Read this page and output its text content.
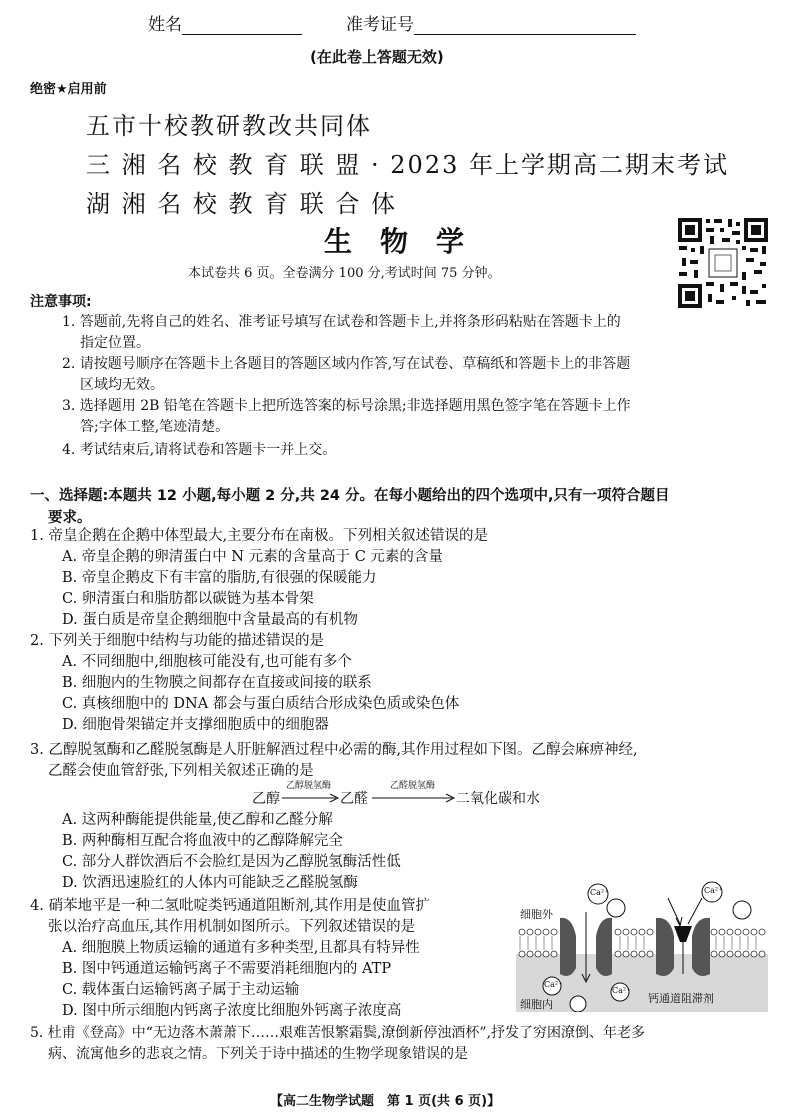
姓名	准考证号
(在此卷上答题无效)
绝密★启用前
五市十校教研教改共同体
三 湘 名 校 教 育 联 盟 · 2023 年上学期高二期末考试
湖 湘 名 校 教 育 联 合 体
生　物　学
本试卷共 6 页。全卷满分 100 分,考试时间 75 分钟。
注意事项:
1. 答题前,先将自己的姓名、准考证号填写在试卷和答题卡上,并将条形码粘贴在答题卡上的
指定位置。
2. 请按题号顺序在答题卡上各题目的答题区域内作答,写在试卷、草稿纸和答题卡上的非答题
区域均无效。
3. 选择题用 2B 铅笔在答题卡上把所选答案的标号涂黑;非选择题用黑色签字笔在答题卡上作
答;字体工整,笔迹清楚。
4. 考试结束后,请将试卷和答题卡一并上交。
一、选择题:本题共 12 小题,每小题 2 分,共 24 分。在每小题给出的四个选项中,只有一项符合题目
要求。
1. 帝皇企鹅在企鹅中体型最大,主要分布在南极。下列相关叙述错误的是
A. 帝皇企鹅的卵清蛋白中 N 元素的含量高于 C 元素的含量
B. 帝皇企鹅皮下有丰富的脂肪,有很强的保暖能力
C. 卵清蛋白和脂肪都以碳链为基本骨架
D. 蛋白质是帝皇企鹅细胞中含量最高的有机物
2. 下列关于细胞中结构与功能的描述错误的是
A. 不同细胞中,细胞核可能没有,也可能有多个
B. 细胞内的生物膜之间都存在直接或间接的联系
C. 真核细胞中的 DNA 都会与蛋白质结合形成染色质或染色体
D. 细胞骨架锚定并支撑细胞质中的细胞器
3. 乙醇脱氢酶和乙醛脱氢酶是人肝脏解酒过程中必需的酶,其作用过程如下图。乙醇会麻痹神经,
乙醛会使血管舒张,下列相关叙述正确的是
乙醇
乙醇脱氢酶
乙醛
乙醛脱氢酶
二氧化碳和水
A. 这两种酶能提供能量,使乙醇和乙醛分解
B. 两种酶相互配合将血液中的乙醇降解完全
C. 部分人群饮酒后不会脸红是因为乙醇脱氢酶活性低
D. 饮酒迅速脸红的人体内可能缺乏乙醛脱氢酶
4. 硝苯地平是一种二氢吡啶类钙通道阻断剂,其作用是使血管扩
张以治疗高血压,其作用机制如图所示。下列叙述错误的是
A. 细胞膜上物质运输的通道有多种类型,且都具有特异性
B. 图中钙通道运输钙离子不需要消耗细胞内的 ATP
C. 载体蛋白运输钙离子属于主动运输
D. 图中所示细胞内钙离子浓度比细胞外钙离子浓度高
细胞外
细胞内	钙通道阻滞剂
Ca²⁺	Ca²⁺
Ca²⁺
Ca²⁺
5. 杜甫《登高》中“无边落木萧萧下……艰难苦恨繁霜鬓,潦倒新停浊酒杯”,抒发了穷困潦倒、年老多
病、流寓他乡的悲哀之情。下列关于诗中描述的生物学现象错误的是
【高二生物学试题　第 1 页(共 6 页)】
